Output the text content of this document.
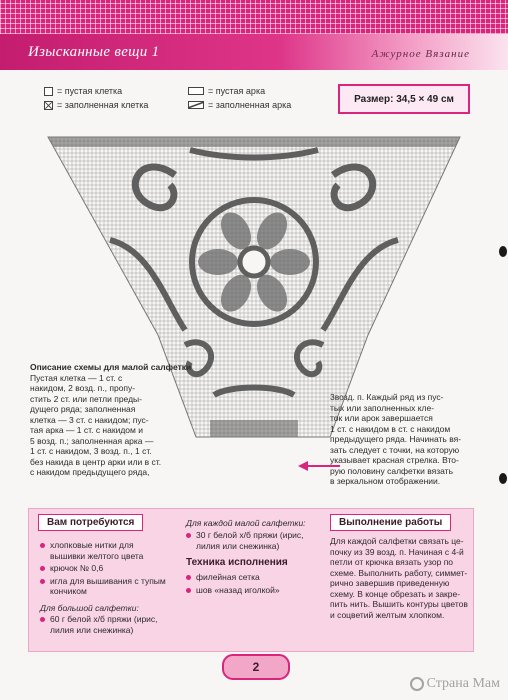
Изысканные вещи 1	Ажурное Вязание
= пустая клетка
= заполненная клетка
= пустая арка
= заполненная арка
Размер: 34,5 × 49 см
Описание схемы для малой салфетки
Пустая клетка — 1 ст. с
накидом, 2 возд. п., пропу-
стить 2 ст. или петли преды-
дущего ряда; заполненная
клетка — 3 ст. с накидом; пус-
тая арка — 1 ст. с накидом и
5 возд. п.; заполненная арка —
1 ст. с накидом, 3 возд. п., 1 ст.
без накида в центр арки или в ст.
с накидом предыдущего ряда,
3возд. п. Каждый ряд из пус-
тых или заполненных кле-
ток или арок завершается
1 ст. с накидом в ст. с накидом
предыдущего ряда. Начинать вя-
зать следует с точки, на которую
указывает красная стрелка. Вто-
рую половину салфетки вязать
в зеркальном отображении.
Вам потребуются
хлопковые нитки для вышивки желтого цвета
крючок № 0,6
игла для вышивания с тупым кончиком
Для большой салфетки:
60 г белой х/б пряжи (ирис, лилия или снежинка)
Для каждой малой салфетки:
30 г белой х/б пряжи (ирис, лилия или снежинка)
Техника исполнения
филейная сетка
шов «назад иголкой»
Выполнение работы
Для каждой салфетки связать це-
почку из 39 возд. п. Начиная с 4-й
петли от крючка вязать узор по
схеме. Выполнить работу, симмет-
рично завершив приведенную
схему. В конце обрезать и закре-
пить нить. Вышить контуры цветов
и соцветий желтым хлопком.
2
Страна Мам
